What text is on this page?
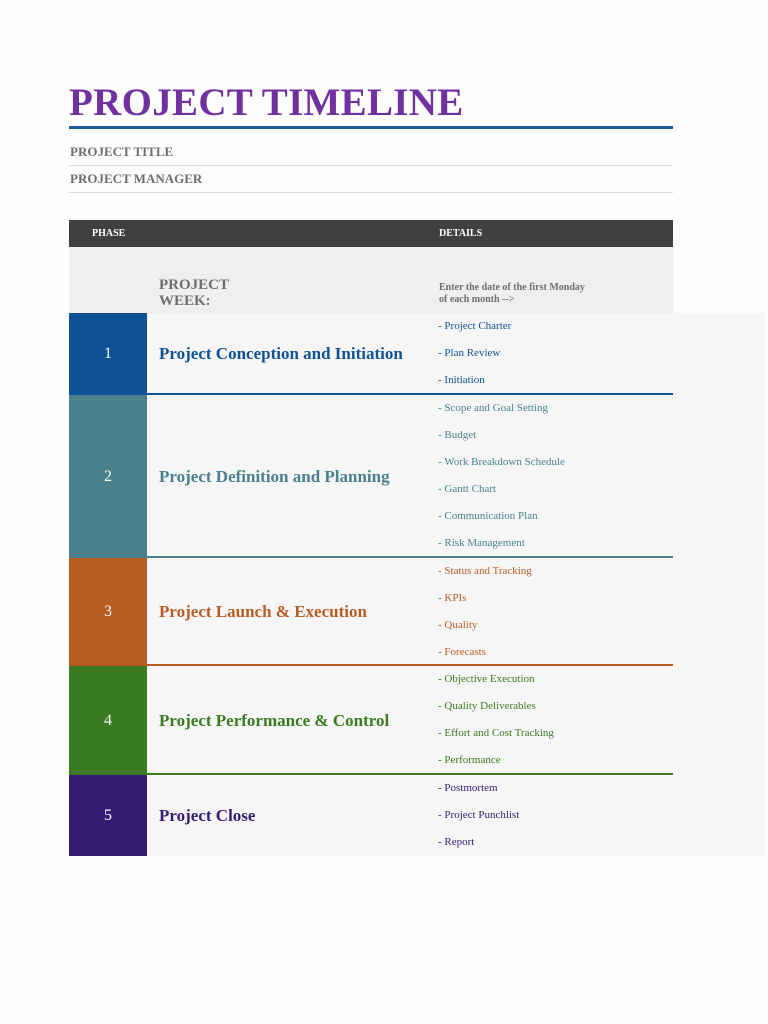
PROJECT TIMELINE
PROJECT TITLE
PROJECT MANAGER
PHASE	DETAILS
PROJECT WEEK:
Enter the date of the first Monday of each month -->
1	Project Conception and Initiation
- Project Charter
- Plan Review
- Initiation
2	Project Definition and Planning
- Scope and Goal Setting
- Budget
- Work Breakdown Schedule
- Gantt Chart
- Communication Plan
- Risk Management
3	Project Launch & Execution
- Status and Tracking
- KPIs
- Quality
- Forecasts
4	Project Performance & Control
- Objective Execution
- Quality Deliverables
- Effort and Cost Tracking
- Performance
5	Project Close
- Postmortem
- Project Punchlist
- Report
